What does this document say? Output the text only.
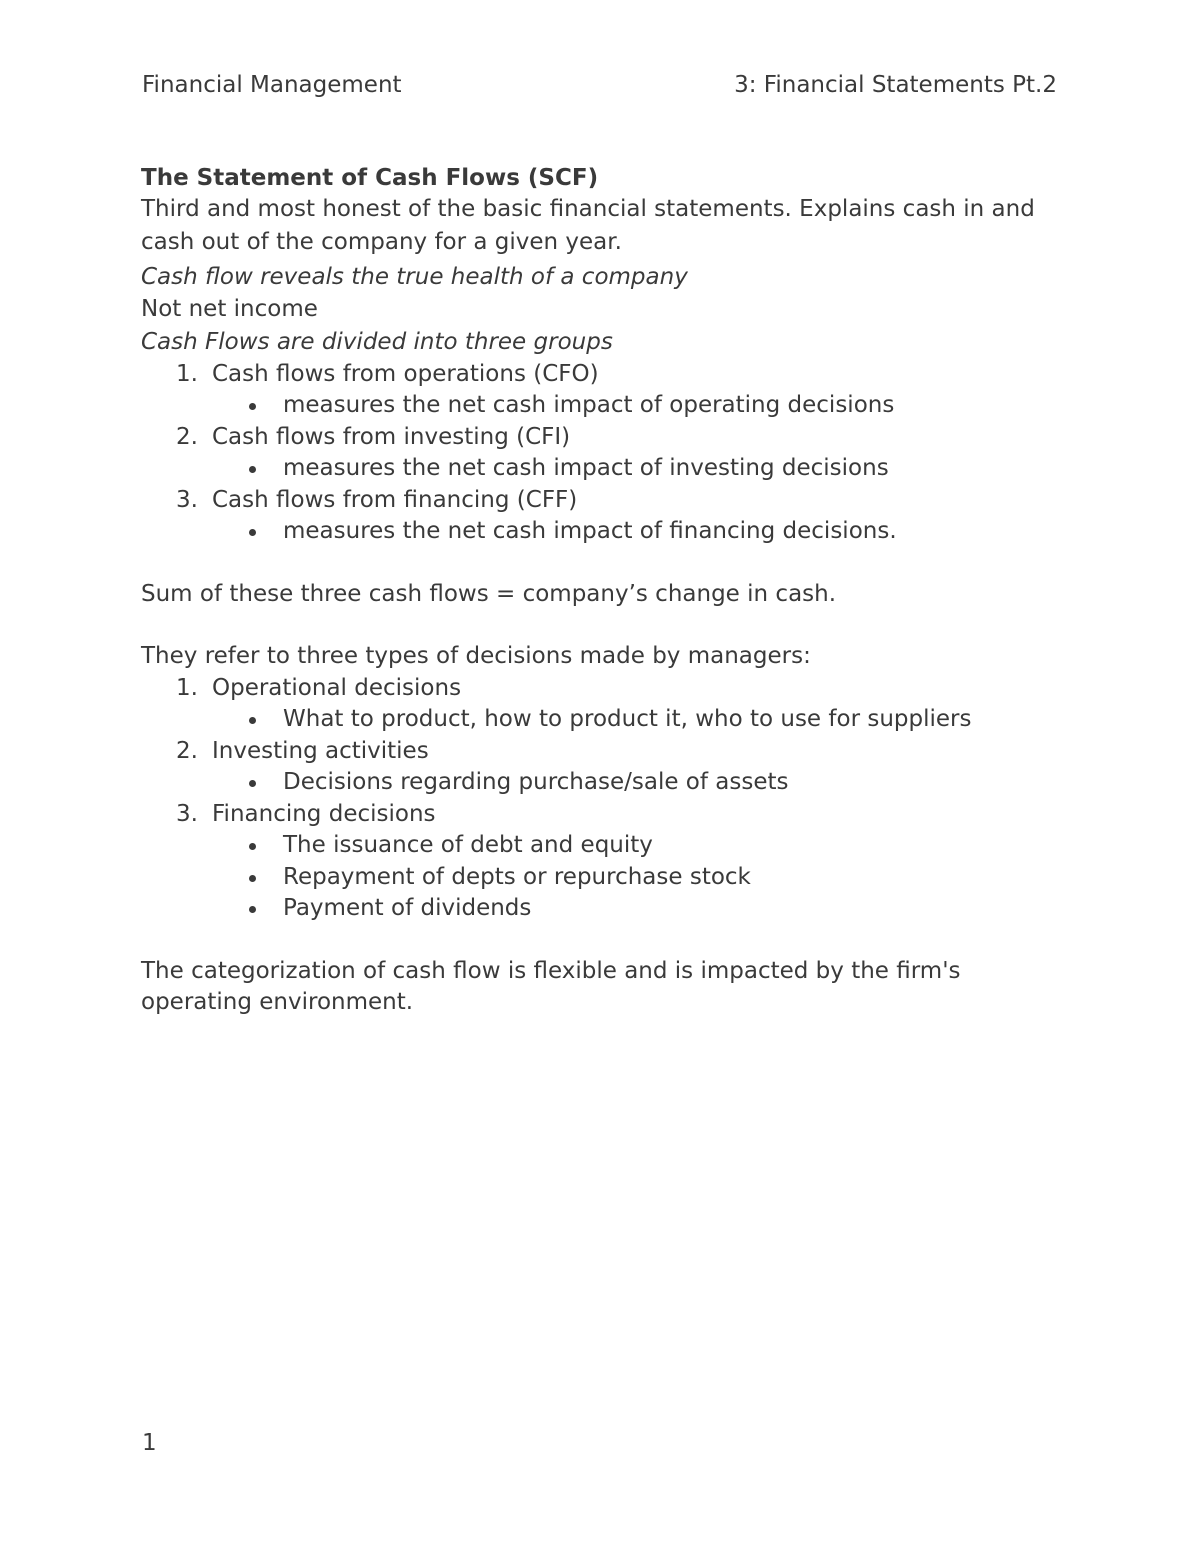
Financial Management	3: Financial Statements Pt.2
The Statement of Cash Flows (SCF)
Third and most honest of the basic financial statements. Explains cash in and cash out of the company for a given year.
Cash flow reveals the true health of a company
Not net income
Cash Flows are divided into three groups
1. Cash flows from operations (CFO)
measures the net cash impact of operating decisions
2. Cash flows from investing (CFI)
measures the net cash impact of investing decisions
3. Cash flows from financing (CFF)
measures the net cash impact of financing decisions.
Sum of these three cash flows = company’s change in cash.
They refer to three types of decisions made by managers:
1. Operational decisions
What to product, how to product it, who to use for suppliers
2. Investing activities
Decisions regarding purchase/sale of assets
3. Financing decisions
The issuance of debt and equity
Repayment of depts or repurchase stock
Payment of dividends
The categorization of cash flow is flexible and is impacted by the firm's operating environment.
1
